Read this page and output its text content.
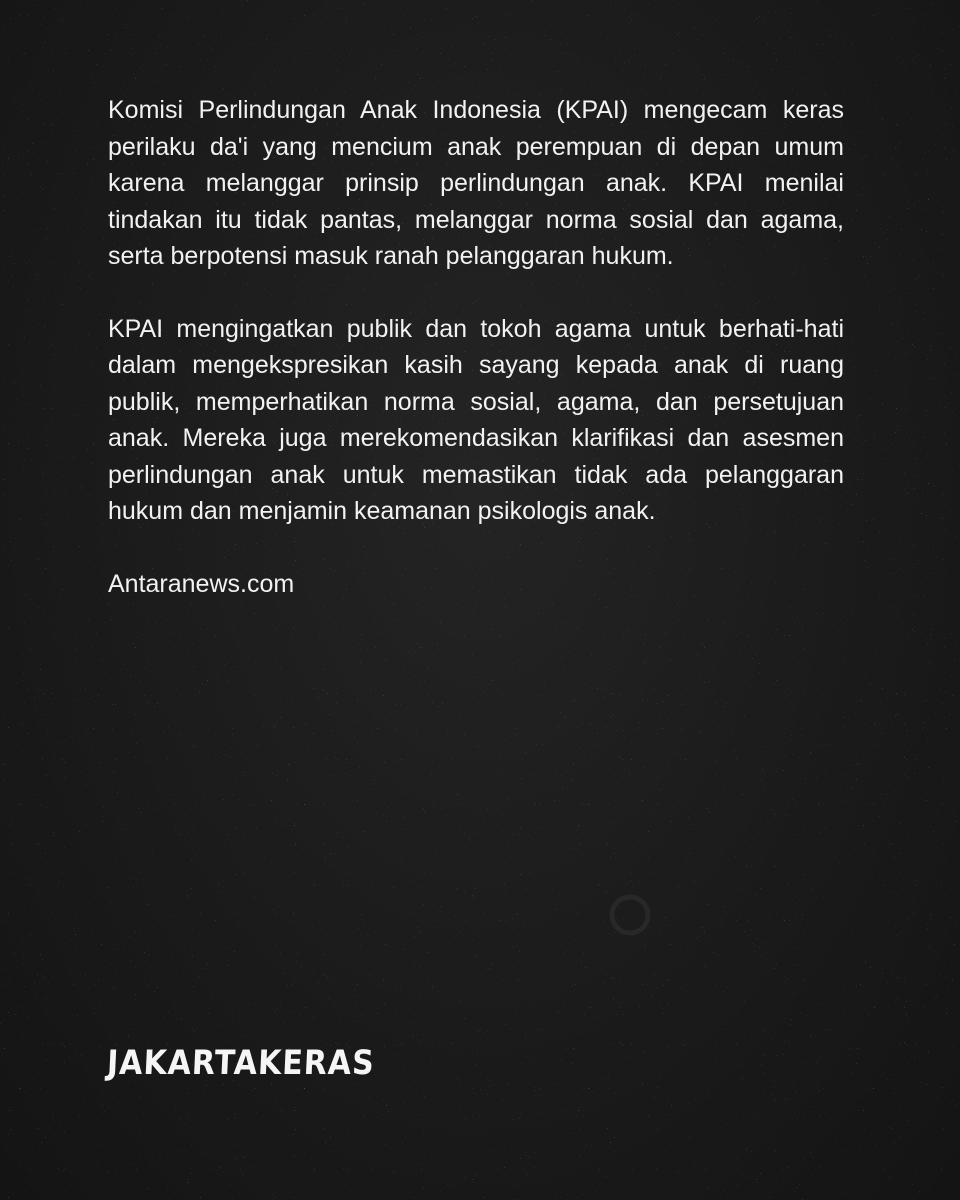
Komisi Perlindungan Anak Indonesia (KPAI) mengecam keras perilaku da'i yang mencium anak perempuan di depan umum karena melanggar prinsip perlindungan anak. KPAI menilai tindakan itu tidak pantas, melanggar norma sosial dan agama, serta berpotensi masuk ranah pelanggaran hukum.

KPAI mengingatkan publik dan tokoh agama untuk berhati-hati dalam mengekspresikan kasih sayang kepada anak di ruang publik, memperhatikan norma sosial, agama, dan persetujuan anak. Mereka juga merekomendasikan klarifikasi dan asesmen perlindungan anak untuk memastikan tidak ada pelanggaran hukum dan menjamin keamanan psikologis anak.

Antaranews.com

JAKARTAKERAS
